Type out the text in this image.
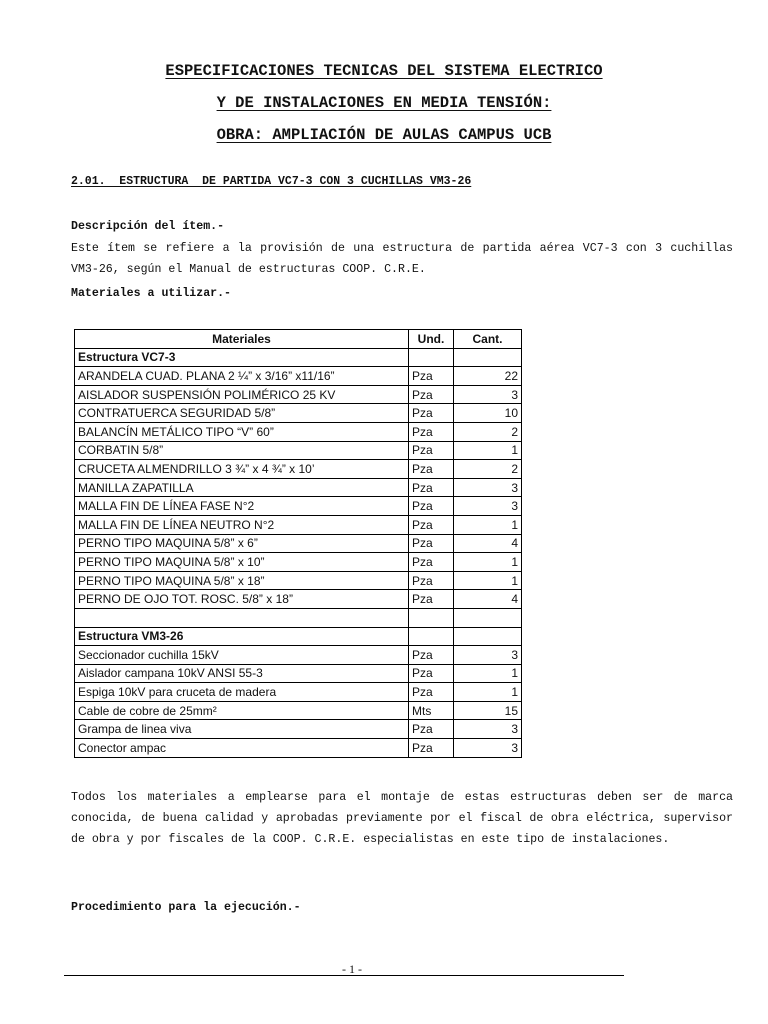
ESPECIFICACIONES TECNICAS DEL SISTEMA ELECTRICO
Y DE INSTALACIONES EN MEDIA TENSIÓN:
OBRA: AMPLIACIÓN DE AULAS CAMPUS UCB
2.01.  ESTRUCTURA  DE PARTIDA VC7-3 CON 3 CUCHILLAS VM3-26
Descripción del ítem.-
Este ítem se refiere a la provisión de una estructura de partida aérea VC7-3 con 3 cuchillas VM3-26, según el Manual de estructuras COOP. C.R.E.
Materiales a utilizar.-
Materiales	Und.	Cant.
Estructura VC7-3		
ARANDELA CUAD. PLANA 2 ¼” x 3/16” x11/16”	Pza	22
AISLADOR SUSPENSIÓN POLIMÉRICO 25 KV	Pza	3
CONTRATUERCA SEGURIDAD 5/8”	Pza	10
BALANCÍN METÁLICO TIPO “V” 60”	Pza	2
CORBATIN 5/8”	Pza	1
CRUCETA ALMENDRILLO 3 ¾” x 4 ¾” x 10’	Pza	2
MANILLA ZAPATILLA	Pza	3
MALLA FIN DE LÍNEA FASE N°2	Pza	3
MALLA FIN DE LÍNEA NEUTRO N°2	Pza	1
PERNO TIPO MAQUINA 5/8” x 6”	Pza	4
PERNO TIPO MAQUINA 5/8” x 10”	Pza	1
PERNO TIPO MAQUINA 5/8” x 18”	Pza	1
PERNO DE OJO TOT. ROSC. 5/8” x 18”	Pza	4

Estructura VM3-26		
Seccionador cuchilla 15kV	Pza	3
Aislador campana 10kV ANSI 55-3	Pza	1
Espiga 10kV para cruceta de madera	Pza	1
Cable de cobre de 25mm²	Mts	15
Grampa de linea viva	Pza	3
Conector ampac	Pza	3
Todos los materiales a emplearse para el montaje de estas estructuras deben ser de marca conocida, de buena calidad y aprobadas previamente por el fiscal de obra eléctrica, supervisor de obra y por fiscales de la COOP. C.R.E. especialistas en este tipo de instalaciones.
Procedimiento para la ejecución.-
- 1 -
